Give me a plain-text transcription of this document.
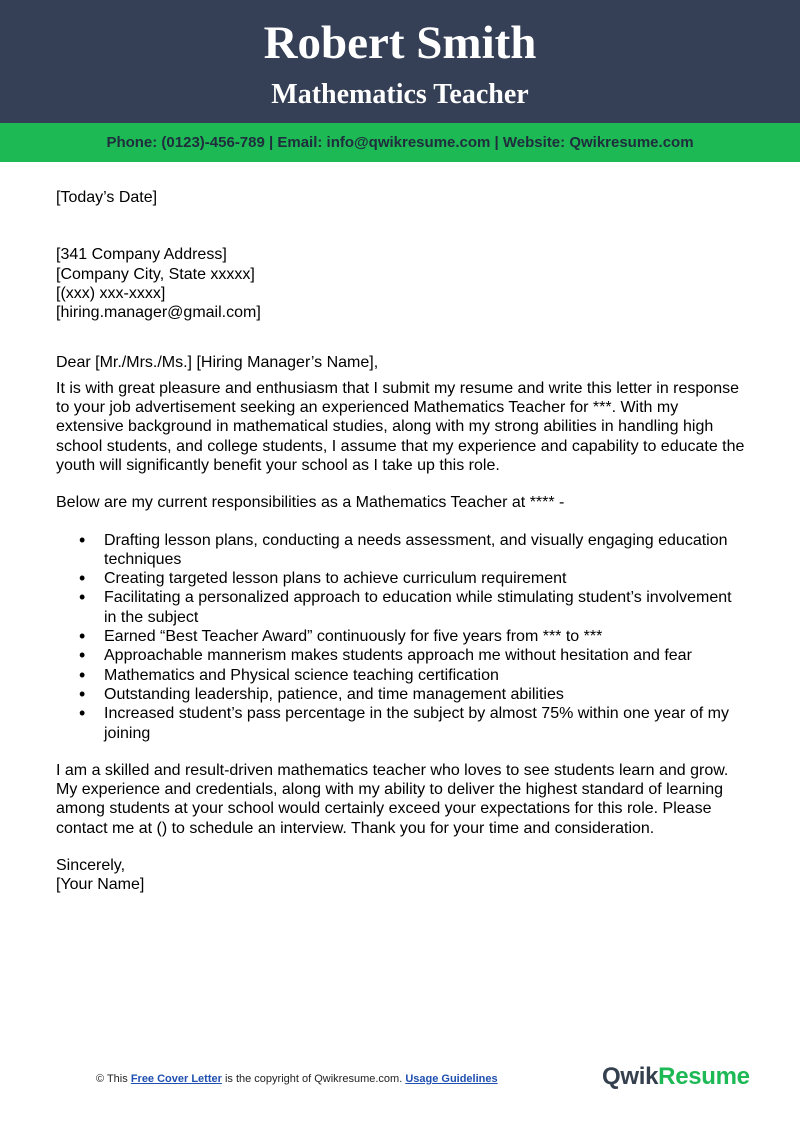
Robert Smith
Mathematics Teacher
Phone: (0123)-456-789 | Email: info@qwikresume.com | Website: Qwikresume.com

[Today’s Date]

[341 Company Address]

[Company City, State xxxxx]

[(xxx) xxx-xxxx]

[hiring.manager@gmail.com]

Dear [Mr./Mrs./Ms.] [Hiring Manager’s Name],

It is with great pleasure and enthusiasm that I submit my resume and write this letter in response to your job advertisement seeking an experienced Mathematics Teacher for ***. With my extensive background in mathematical studies, along with my strong abilities in handling high school students, and college students, I assume that my experience and capability to educate the youth will significantly benefit your school as I take up this role.

Below are my current responsibilities as a Mathematics Teacher at **** -

• Drafting lesson plans, conducting a needs assessment, and visually engaging education techniques
• Creating targeted lesson plans to achieve curriculum requirement
• Facilitating a personalized approach to education while stimulating student’s involvement in the subject
• Earned “Best Teacher Award” continuously for five years from *** to ***
• Approachable mannerism makes students approach me without hesitation and fear
• Mathematics and Physical science teaching certification
• Outstanding leadership, patience, and time management abilities
• Increased student’s pass percentage in the subject by almost 75% within one year of my joining

I am a skilled and result-driven mathematics teacher who loves to see students learn and grow. My experience and credentials, along with my ability to deliver the highest standard of learning among students at your school would certainly exceed your expectations for this role. Please contact me at () to schedule an interview. Thank you for your time and consideration.

Sincerely,

[Your Name]

© This Free Cover Letter is the copyright of Qwikresume.com. Usage Guidelines	QwikResume
